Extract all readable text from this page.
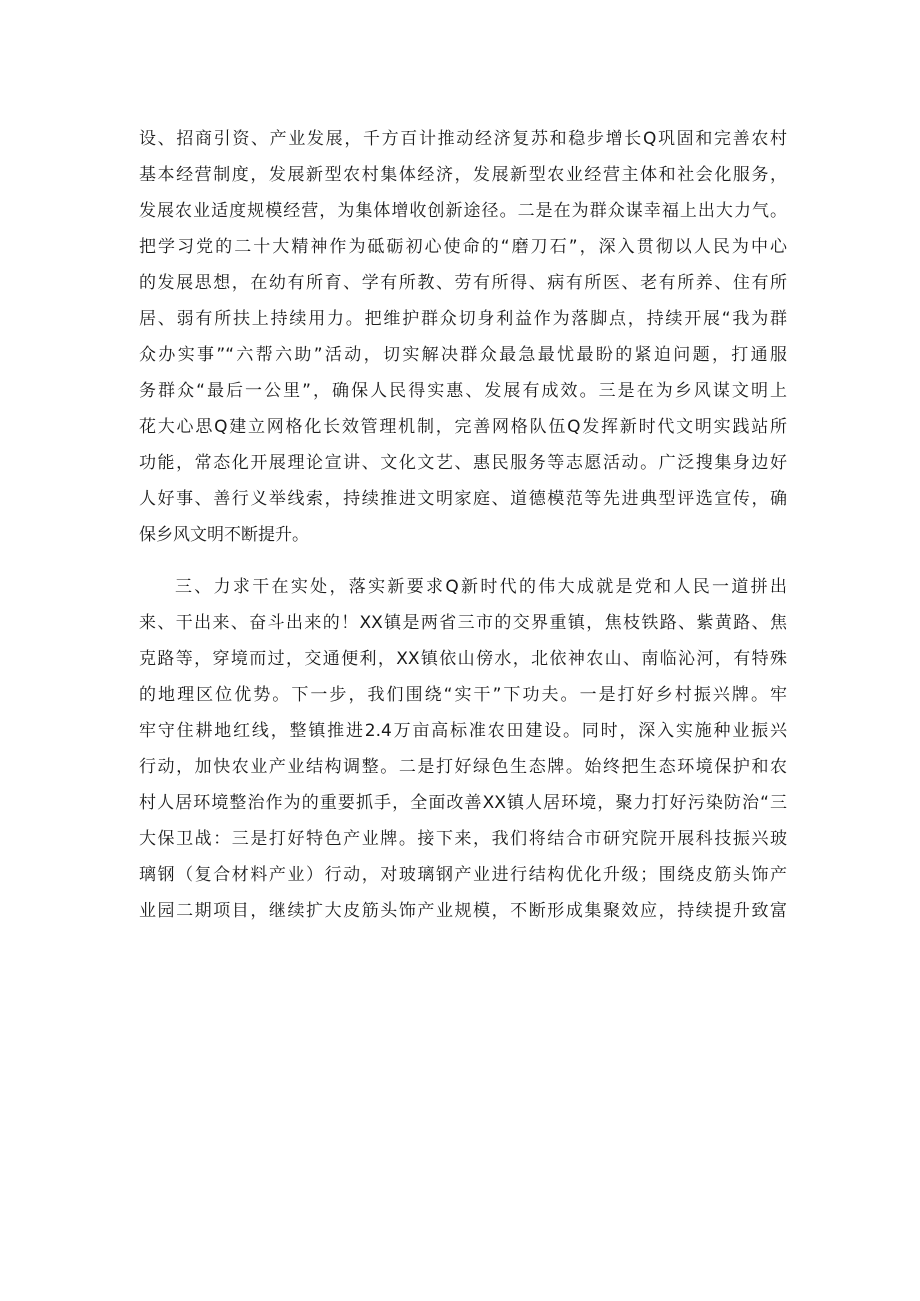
设、招商引资、产业发展，千方百计推动经济复苏和稳步增长Q巩固和完善农村
基本经营制度，发展新型农村集体经济，发展新型农业经营主体和社会化服务，
发展农业适度规模经营，为集体增收创新途径。二是在为群众谋幸福上出大力气。
把学习党的二十大精神作为砥砺初心使命的“磨刀石”，深入贯彻以人民为中心
的发展思想，在幼有所育、学有所教、劳有所得、病有所医、老有所养、住有所
居、弱有所扶上持续用力。把维护群众切身利益作为落脚点，持续开展“我为群
众办实事”“六帮六助”活动，切实解决群众最急最忧最盼的紧迫问题，打通服
务群众“最后一公里”，确保人民得实惠、发展有成效。三是在为乡风谋文明上
花大心思Q建立网格化长效管理机制，完善网格队伍Q发挥新时代文明实践站所
功能，常态化开展理论宣讲、文化文艺、惠民服务等志愿活动。广泛搜集身边好
人好事、善行义举线索，持续推进文明家庭、道德模范等先进典型评选宣传，确
保乡风文明不断提升。
三、力求干在实处，落实新要求Q新时代的伟大成就是党和人民一道拼出
来、干出来、奋斗出来的！XX镇是两省三市的交界重镇，焦枝铁路、紫黄路、焦
克路等，穿境而过，交通便利，XX镇依山傍水，北依神农山、南临沁河，有特殊
的地理区位优势。下一步，我们围绕“实干”下功夫。一是打好乡村振兴牌。牢
牢守住耕地红线，整镇推进2.4万亩高标准农田建设。同时，深入实施种业振兴
行动，加快农业产业结构调整。二是打好绿色生态牌。始终把生态环境保护和农
村人居环境整治作为的重要抓手，全面改善XX镇人居环境，聚力打好污染防治“三
大保卫战：三是打好特色产业牌。接下来，我们将结合市研究院开展科技振兴玻
璃钢（复合材料产业）行动，对玻璃钢产业进行结构优化升级；围绕皮筋头饰产
业园二期项目，继续扩大皮筋头饰产业规模，不断形成集聚效应，持续提升致富
